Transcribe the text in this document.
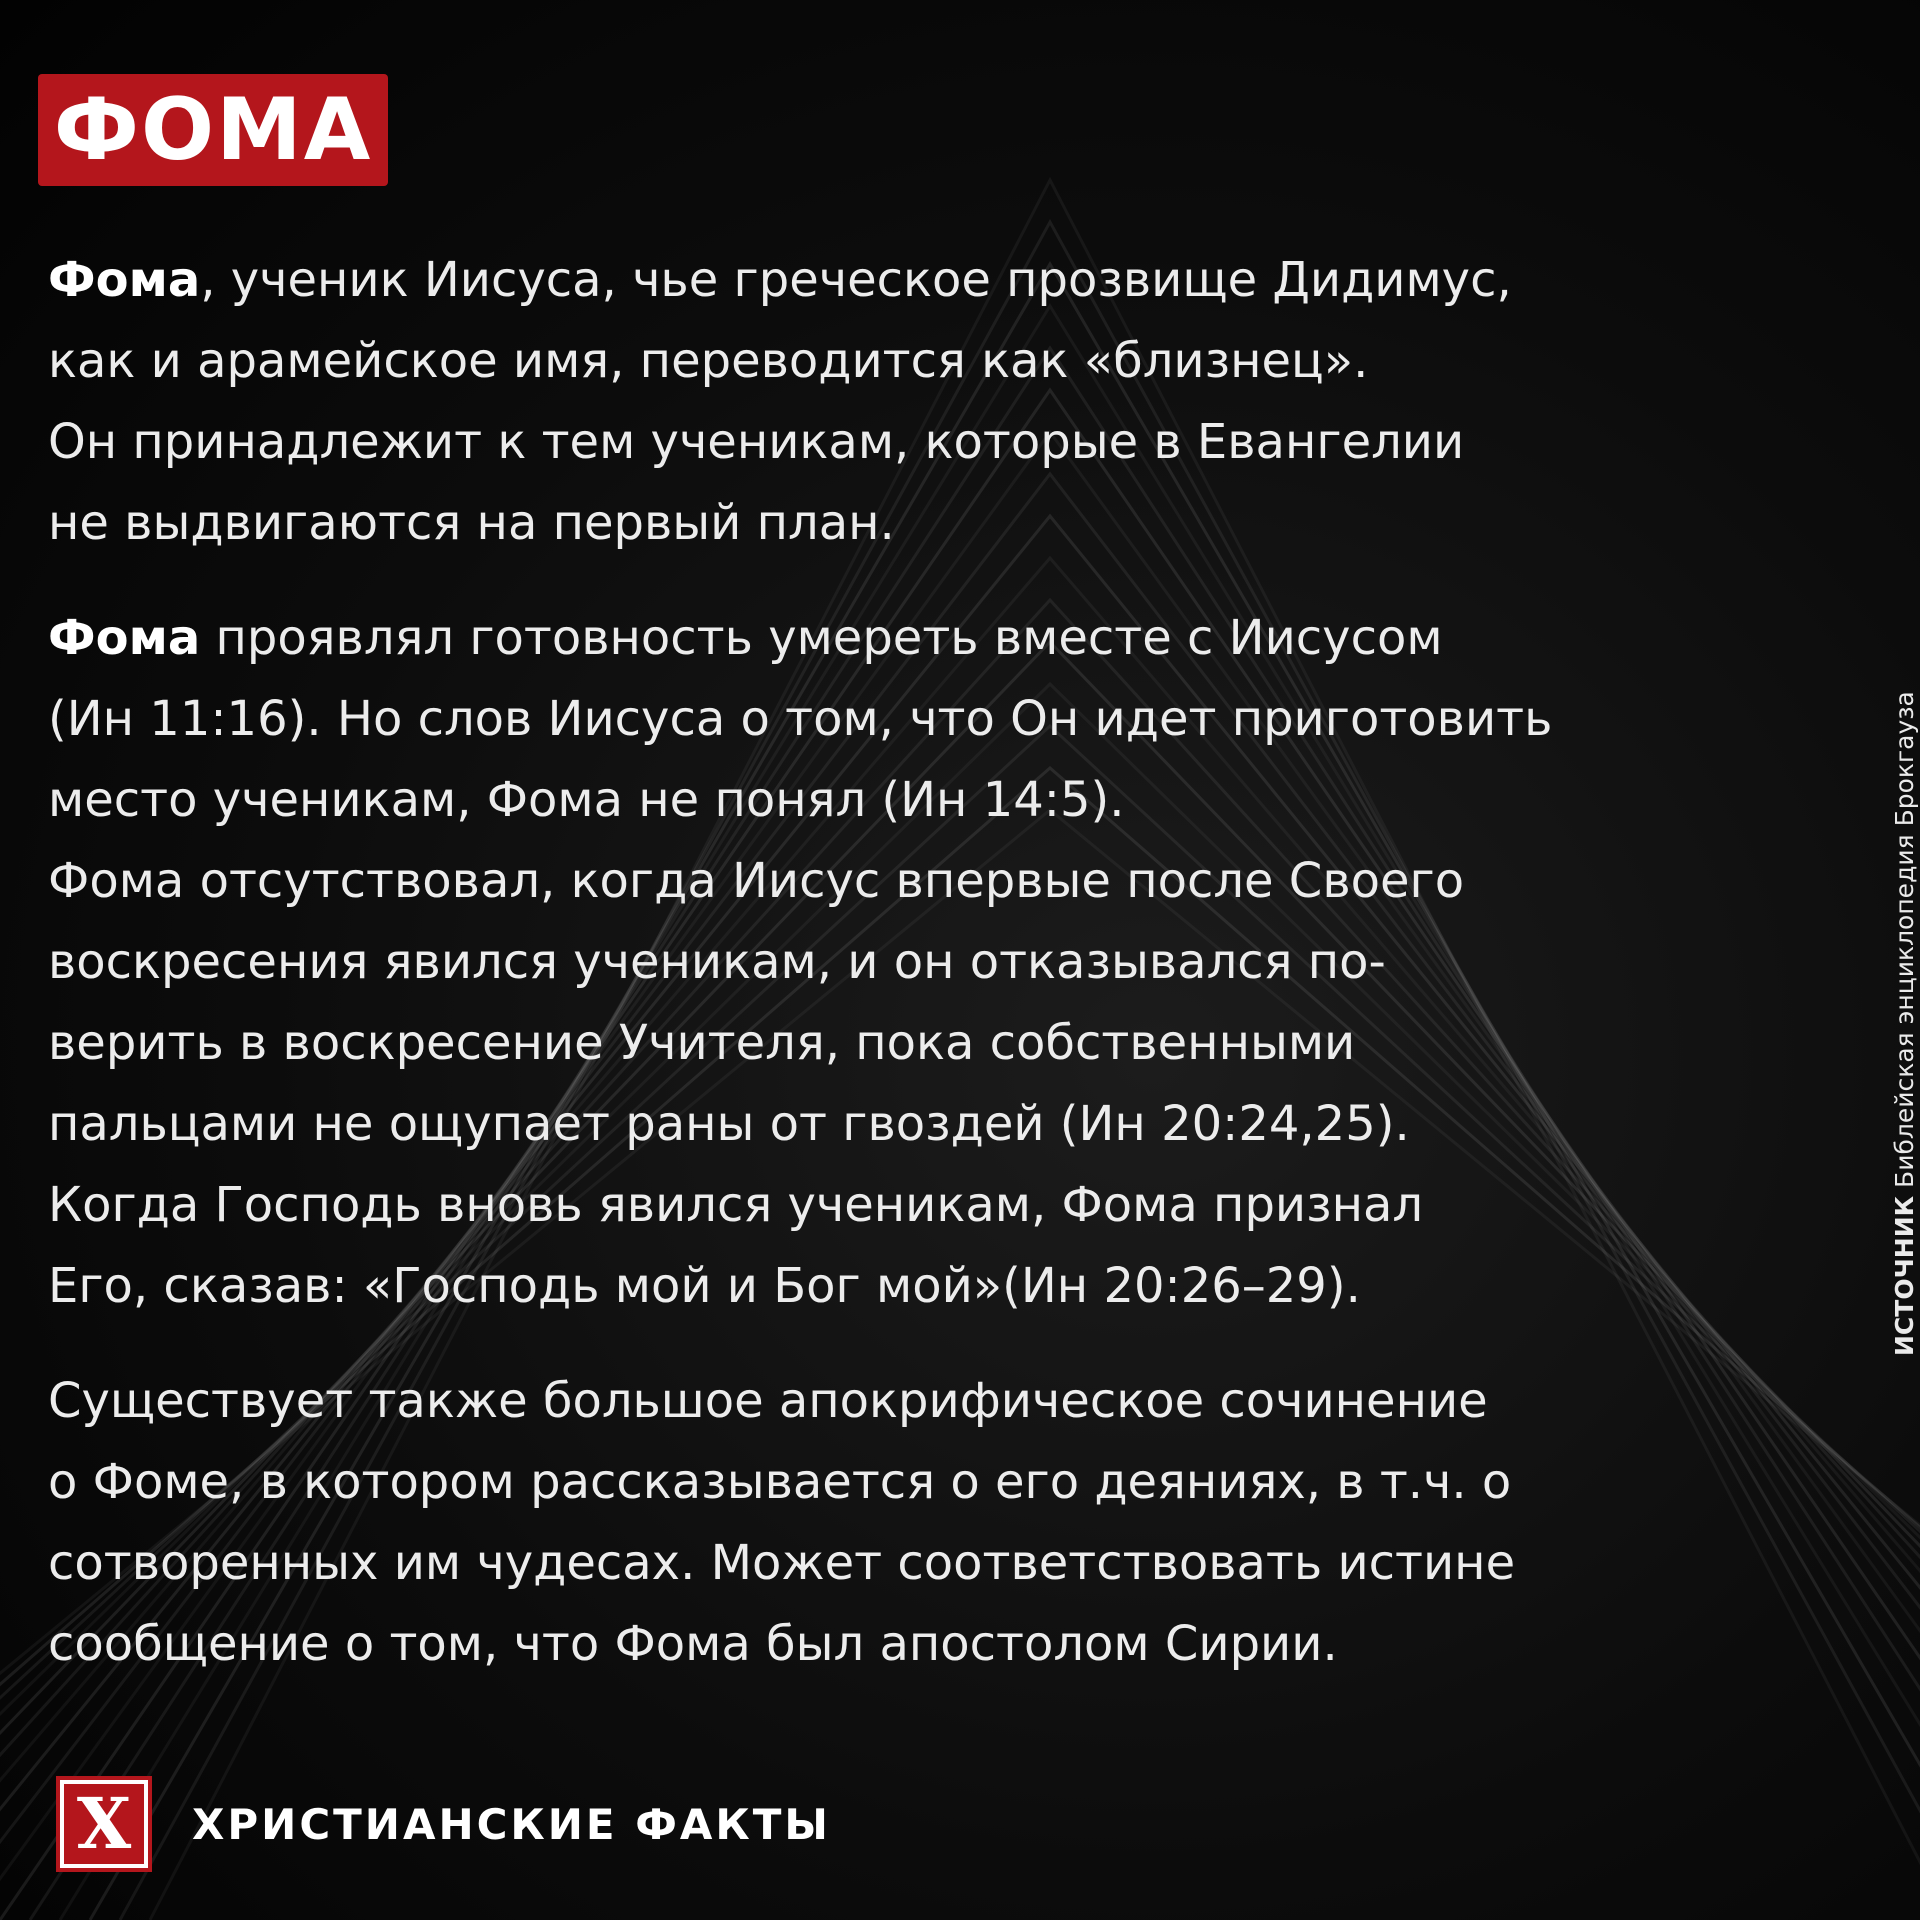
ФОМА
Фома, ученик Иисуса, чье греческое прозвище Дидимус,
как и арамейское имя, переводится как «близнец».
Он принадлежит к тем ученикам, которые в Евангелии
не выдвигаются на первый план.
Фома проявлял готовность умереть вместе с Иисусом
(Ин 11:16). Но слов Иисуса о том, что Он идет приготовить
место ученикам, Фома не понял (Ин 14:5).
Фома отсутствовал, когда Иисус впервые после Своего
воскресения явился ученикам, и он отказывался по-
верить в воскресение Учителя, пока собственными
пальцами не ощупает раны от гвоздей (Ин 20:24,25).
Когда Господь вновь явился ученикам, Фома признал
Его, сказав: «Господь мой и Бог мой»(Ин 20:26–29).
Существует также большое апокрифическое сочинение
о Фоме, в котором рассказывается о его деяниях, в т.ч. о
сотворенных им чудесах. Может соответствовать истине
сообщение о том, что Фома был апостолом Сирии.
ИСТОЧНИКБиблейская энциклопедия Брокгауза
X ХРИСТИАНСКИЕ ФАКТЫ
